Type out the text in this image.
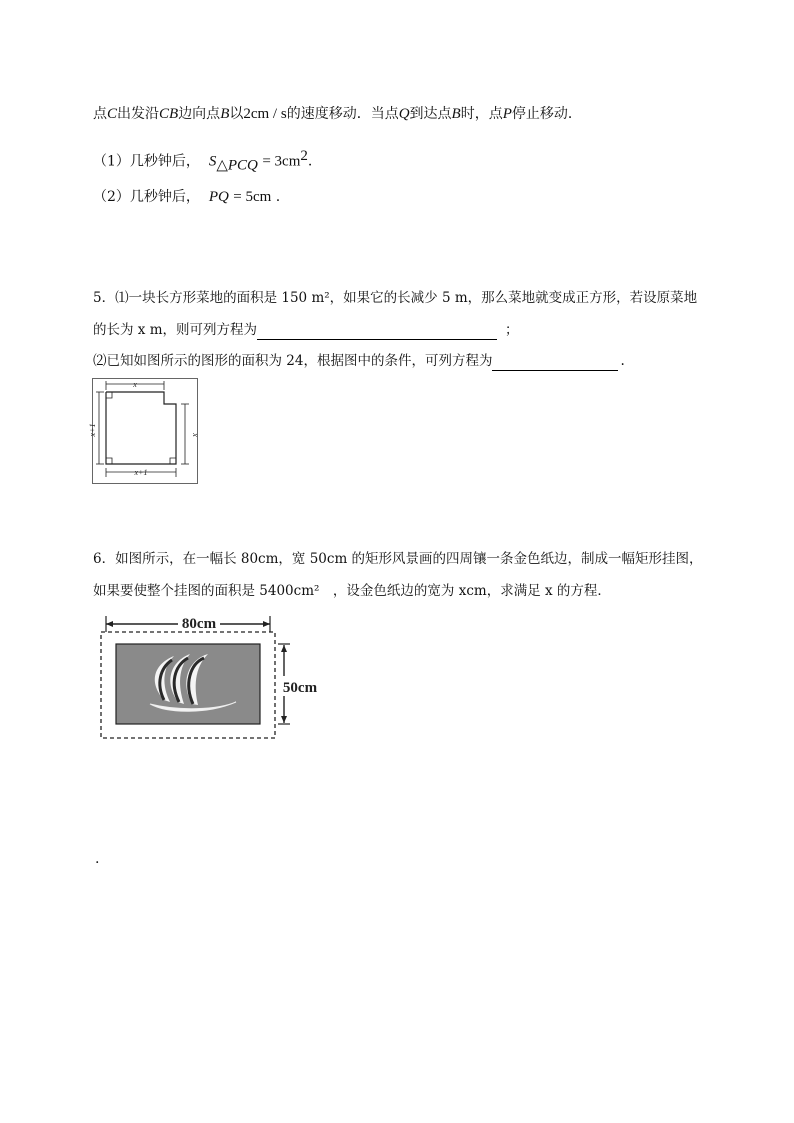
点C出发沿CB边向点B以2cm / s的速度移动．当点Q到达点B时，点P停止移动．
（1）几秒钟后， $S_{\triangle PCQ} = 3cm^2$.
（2）几秒钟后， PQ = 5cm .
5．⑴一块长方形菜地的面积是 150 m²，如果它的长减少 5 m，那么菜地就变成正方形，若设原菜地
的长为 x m，则可列方程为	；
⑵已知如图所示的图形的面积为 24，根据图中的条件，可列方程为	.
x
x+1	x
x+1
6．如图所示，在一幅长 80cm，宽 50cm 的矩形风景画的四周镶一条金色纸边，制成一幅矩形挂图，
如果要使整个挂图的面积是 5400cm²　，设金色纸边的宽为 xcm，求满足 x 的方程．
80cm
50cm
.
